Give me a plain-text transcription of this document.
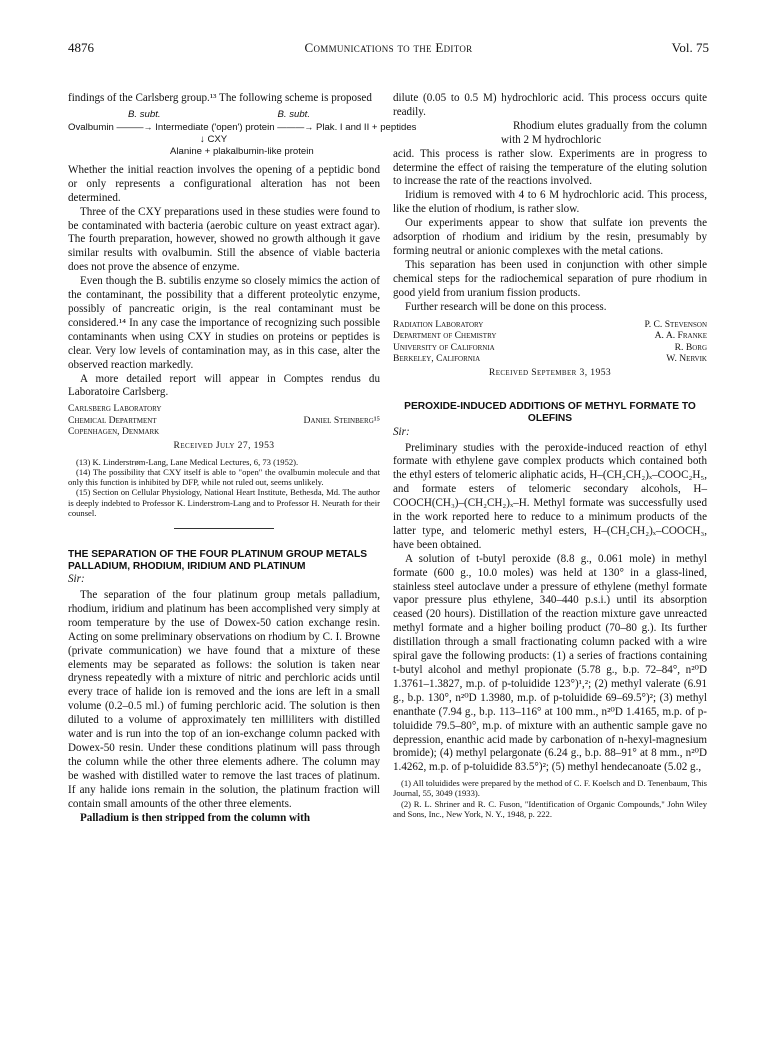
4876	Communications to the Editor	Vol. 75

findings of the Carlsberg group.¹³ The following scheme is proposed

B. subt.	B. subt.
Ovalbumin ———→ Intermediate ('open') protein ———→ Plak. I and II + peptides
↓ CXY
Alanine + plakalbumin-like protein

Whether the initial reaction involves the opening of a peptidic bond or only represents a configurational alteration has not been determined.

Three of the CXY preparations used in these studies were found to be contaminated with bacteria (aerobic culture on yeast extract agar). The fourth preparation, however, showed no growth although it gave similar results with ovalbumin. Still the absence of viable bacteria does not prove the absence of enzyme.

Even though the B. subtilis enzyme so closely mimics the action of the contaminant, the possibility that a different proteolytic enzyme, possibly of pancreatic origin, is the real contaminant must be considered.¹⁴ In any case the importance of recognizing such possible contaminants when using CXY in studies on proteins or peptides is clear. Very low levels of contamination may, as in this case, alter the observed reaction markedly.

A more detailed report will appear in Comptes rendus du Laboratoire Carlsberg.

Carlsberg Laboratory
Chemical Department	Daniel Steinberg¹⁵
Copenhagen, Denmark
Received July 27, 1953
(13) K. Linderstrøm-Lang, Lane Medical Lectures, 6, 73 (1952).
(14) The possibility that CXY itself is able to "open" the ovalbumin molecule and that only this function is inhibited by DFP, while not ruled out, seems unlikely.
(15) Section on Cellular Physiology, National Heart Institute, Bethesda, Md. The author is deeply indebted to Professor K. Linderstrom-Lang and to Professor H. Neurath for their counsel.
THE SEPARATION OF THE FOUR PLATINUM GROUP METALS PALLADIUM, RHODIUM, IRIDIUM AND PLATINUM
Sir:

The separation of the four platinum group metals palladium, rhodium, iridium and platinum has been accomplished very simply at room temperature by the use of Dowex-50 cation exchange resin. Acting on some preliminary observations on rhodium by C. I. Browne (private communication) we have found that a mixture of these elements may be separated as follows: the solution is taken near dryness repeatedly with a mixture of nitric and perchloric acids until every trace of halide ion is removed and the ions are left in a small volume (0.2–0.5 ml.) of fuming perchloric acid. The solution is then diluted to a volume of approximately ten milliliters with distilled water and is run into the top of an ion-exchange column packed with Dowex-50 resin. Under these conditions platinum will pass through the column while the other three elements adhere. The column may be washed with distilled water to remove the last traces of platinum. If any halide ions remain in the solution, the platinum fraction will contain small amounts of the other three elements.

Palladium is then stripped from the column with

dilute (0.05 to 0.5 M) hydrochloric acid. This process occurs quite readily.

Rhodium elutes gradually from the column with 2 M hydrochloric

acid. This process is rather slow. Experiments are in progress to determine the effect of raising the temperature of the eluting solution to increase the rate of the reactions involved.

Iridium is removed with 4 to 6 M hydrochloric acid. This process, like the elution of rhodium, is rather slow.

Our experiments appear to show that sulfate ion prevents the adsorption of rhodium and iridium by the resin, presumably by forming neutral or anionic complexes with the metal cations.

This separation has been used in conjunction with other simple chemical steps for the radiochemical separation of pure rhodium in good yield from uranium fission products.

Further research will be done on this process.

Radiation Laboratory	P. C. Stevenson
Department of Chemistry	A. A. Franke
University of California	R. Borg
Berkeley, California	W. Nervik
Received September 3, 1953
PEROXIDE-INDUCED ADDITIONS OF METHYL FORMATE TO OLEFINS
Sir:

Preliminary studies with the peroxide-induced reaction of ethyl formate with ethylene gave complex products which contained both the ethyl esters of telomeric aliphatic acids, H–(CH₂CH₂)ₓ–COOC₂H₅, and formate esters of telomeric secondary alcohols, H–COOCH(CH₃)–(CH₂CH₂)ₓ–H. Methyl formate was successfully used in the work reported here to reduce to a minimum products of the latter type, and telomeric methyl esters, H–(CH₂CH₂)ₓ–COOCH₃, have been obtained.

A solution of t-butyl peroxide (8.8 g., 0.061 mole) in methyl formate (600 g., 10.0 moles) was held at 130° in a glass-lined, stainless steel autoclave under a pressure of ethylene (methyl formate vapor pressure plus ethylene, 340–440 p.s.i.) until its absorption ceased (20 hours). Distillation of the reaction mixture gave unreacted methyl formate and a higher boiling product (70–80 g.). Its further distillation through a small fractionating column packed with a wire spiral gave the following products: (1) a series of fractions containing t-butyl alcohol and methyl propionate (5.78 g., b.p. 72–84°, n²⁰D 1.3761–1.3827, m.p. of p-toluidide 123°)¹,²; (2) methyl valerate (6.91 g., b.p. 130°, n²⁰D 1.3980, m.p. of p-toluidide 69–69.5°)²; (3) methyl enanthate (7.94 g., b.p. 113–116° at 100 mm., n²⁰D 1.4165, m.p. of p-toluidide 79.5–80°, m.p. of mixture with an authentic sample gave no depression, enanthic acid made by carbonation of n-hexyl-magnesium bromide); (4) methyl pelargonate (6.24 g., b.p. 88–91° at 8 mm., n²⁰D 1.4262, m.p. of p-toluidide 83.5°)²; (5) methyl hendecanoate (5.02 g.,

(1) All toluidides were prepared by the method of C. F. Koelsch and D. Tenenbaum, This Journal, 55, 3049 (1933).
(2) R. L. Shriner and R. C. Fuson, "Identification of Organic Compounds," John Wiley and Sons, Inc., New York, N. Y., 1948, p. 222.
